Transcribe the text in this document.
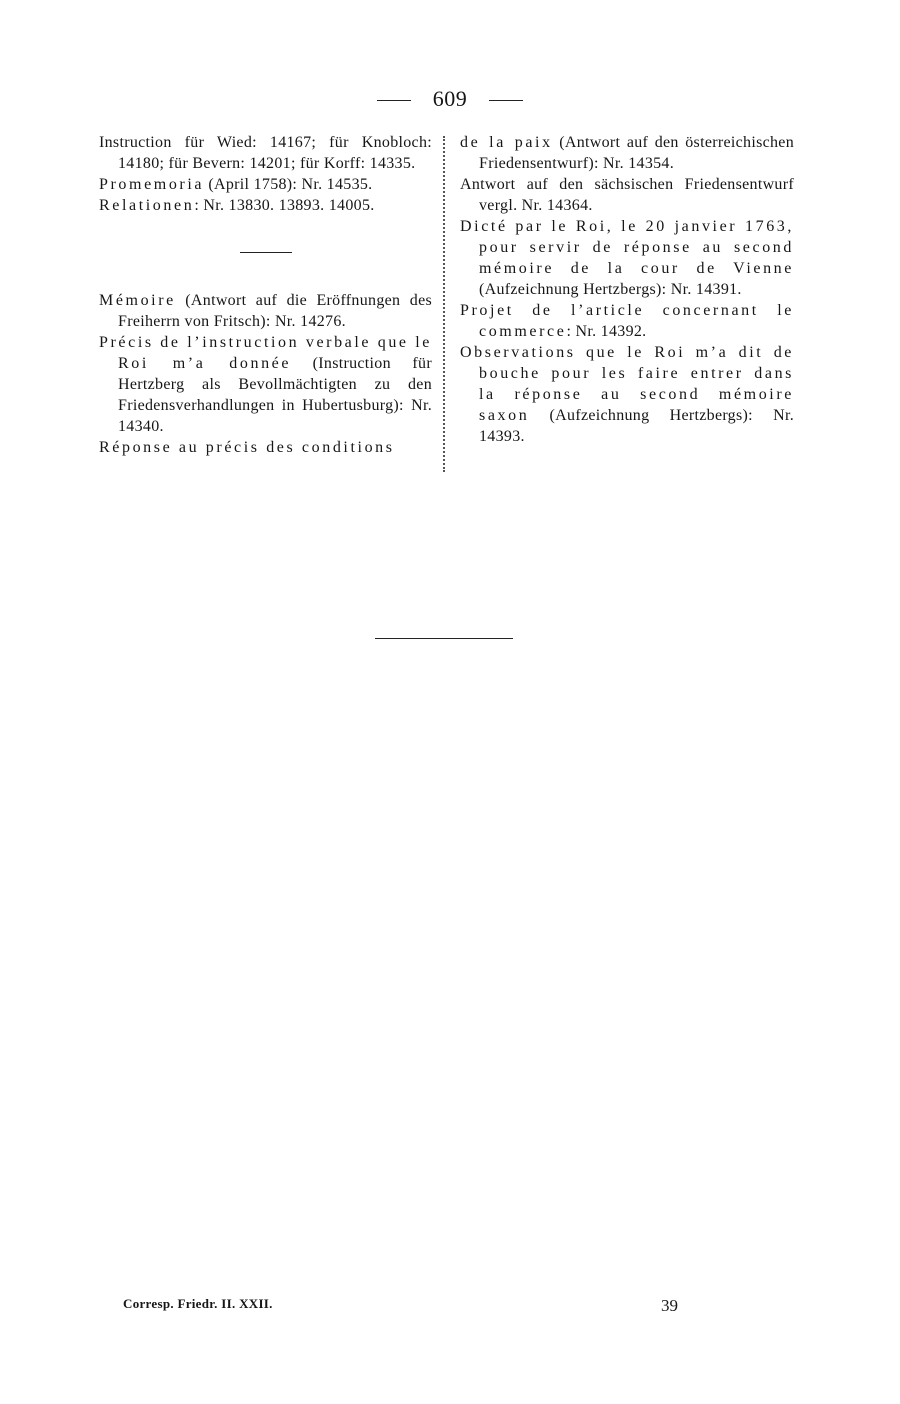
609

Instruction für Wied: 14167; für Knobloch: 14180; für Bevern: 14201; für Korff: 14335.

Promemoria (April 1758): Nr. 14535.

Relationen: Nr. 13830. 13893. 14005.

Mémoire (Antwort auf die Eröffnungen des Freiherrn von Fritsch): Nr. 14276.

Précis de l’instruction verbale que le Roi m’a donnée (Instruction für Hertzberg als Bevollmächtigten zu den Friedensverhandlungen in Hubertusburg): Nr. 14340.

Réponse au précis des conditions

de la paix (Antwort auf den österreichischen Friedensentwurf): Nr. 14354.

Antwort auf den sächsischen Friedensentwurf vergl. Nr. 14364.

Dicté par le Roi, le 20 janvier 1763, pour servir de réponse au second mémoire de la cour de Vienne (Aufzeichnung Hertzbergs): Nr. 14391.

Projet de l’article concernant le commerce: Nr. 14392.

Observations que le Roi m’a dit de bouche pour les faire entrer dans la réponse au second mémoire saxon (Aufzeichnung Hertzbergs): Nr. 14393.

Corresp. Friedr. II. XXII.	39
